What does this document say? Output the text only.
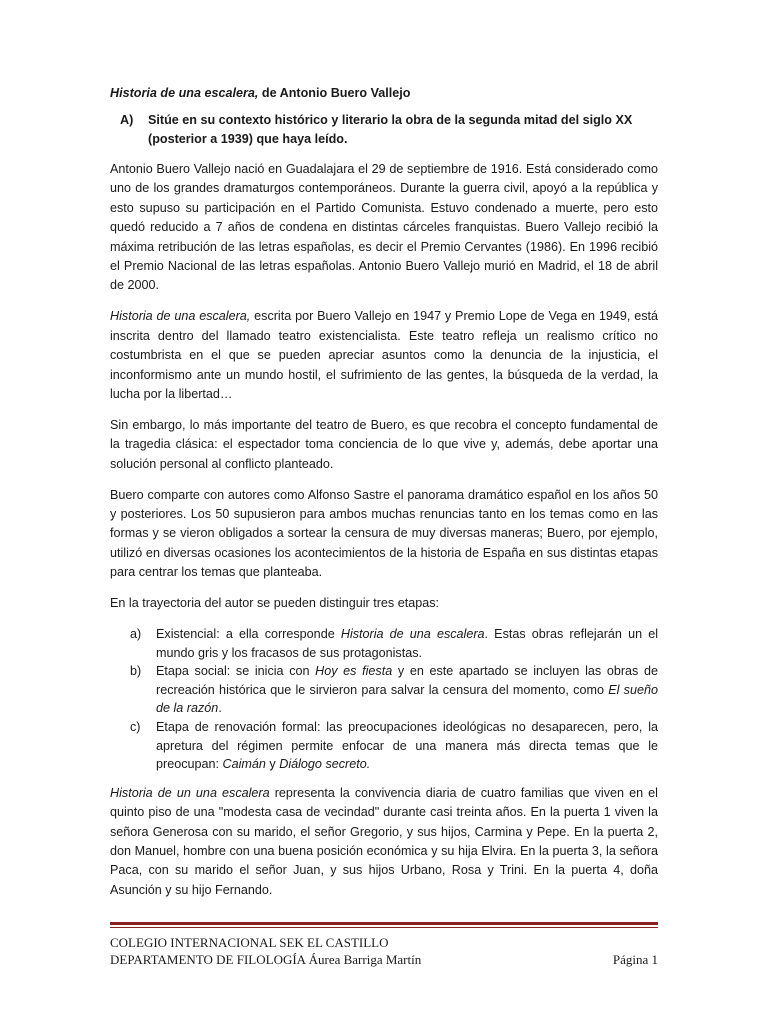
Historia de una escalera, de Antonio Buero Vallejo
A)	Sitúe en su contexto histórico y literario la obra de la segunda mitad del siglo XX (posterior a 1939) que haya leído.

Antonio Buero Vallejo nació en Guadalajara el 29 de septiembre de 1916. Está considerado como uno de los grandes dramaturgos contemporáneos. Durante la guerra civil, apoyó a la república y esto supuso su participación en el Partido Comunista. Estuvo condenado a muerte, pero esto quedó reducido a 7 años de condena en distintas cárceles franquistas. Buero Vallejo recibió la máxima retribución de las letras españolas, es decir el Premio Cervantes (1986). En 1996 recibió el Premio Nacional de las letras españolas. Antonio Buero Vallejo murió en Madrid, el 18 de abril de 2000.

Historia de una escalera, escrita por Buero Vallejo en 1947 y Premio Lope de Vega en 1949, está inscrita dentro del llamado teatro existencialista. Este teatro refleja un realismo crítico no costumbrista en el que se pueden apreciar asuntos como la denuncia de la injusticia, el inconformismo ante un mundo hostil, el sufrimiento de las gentes, la búsqueda de la verdad, la lucha por la libertad…

Sin embargo, lo más importante del teatro de Buero, es que recobra el concepto fundamental de la tragedia clásica: el espectador toma conciencia de lo que vive y, además, debe aportar una solución personal al conflicto planteado.

Buero comparte con autores como Alfonso Sastre el panorama dramático español en los años 50 y posteriores. Los 50 supusieron para ambos muchas renuncias tanto en los temas como en las formas y se vieron obligados a sortear la censura de muy diversas maneras; Buero, por ejemplo, utilizó en diversas ocasiones los acontecimientos de la historia de España en sus distintas etapas para centrar los temas que planteaba.

En la trayectoria del autor se pueden distinguir tres etapas:

a)	Existencial: a ella corresponde Historia de una escalera. Estas obras reflejarán un el mundo gris y los fracasos de sus protagonistas.
b)	Etapa social: se inicia con Hoy es fiesta y en este apartado se incluyen las obras de recreación histórica que le sirvieron para salvar la censura del momento, como El sueño de la razón.
c)	Etapa de renovación formal: las preocupaciones ideológicas no desaparecen, pero, la apretura del régimen permite enfocar de una manera más directa temas que le preocupan: Caimán y Diálogo secreto.

Historia de un una escalera representa la convivencia diaria de cuatro familias que viven en el quinto piso de una "modesta casa de vecindad" durante casi treinta años. En la puerta 1 viven la señora Generosa con su marido, el señor Gregorio, y sus hijos, Carmina y Pepe. En la puerta 2, don Manuel, hombre con una buena posición económica y su hija Elvira. En la puerta 3, la señora Paca, con su marido el señor Juan, y sus hijos Urbano, Rosa y Trini. En la puerta 4, doña Asunción y su hijo Fernando.

COLEGIO INTERNACIONAL SEK EL CASTILLO
DEPARTAMENTO DE FILOLOGÍA Áurea Barriga Martín	Página 1
